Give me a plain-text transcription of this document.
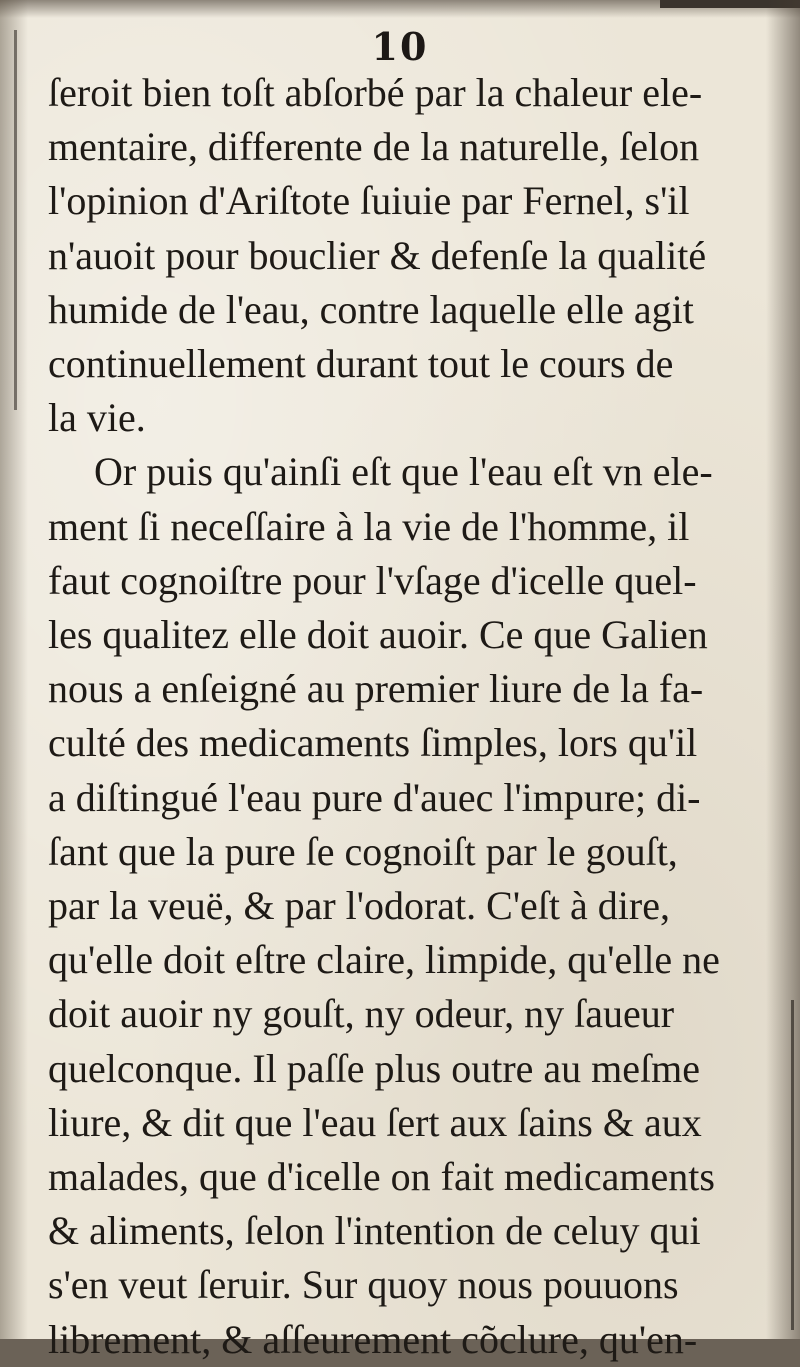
10
ſeroit bien toſt abſorbé par la chaleur ele-
mentaire, differente de la naturelle, ſelon
l'opinion d'Ariſtote ſuiuie par Fernel, s'il
n'auoit pour bouclier & defenſe la qualité
humide de l'eau, contre laquelle elle agit
continuellement durant tout le cours de
la vie.
Or puis qu'ainſi eſt que l'eau eſt vn ele-
ment ſi neceſſaire à la vie de l'homme, il
faut cognoiſtre pour l'vſage d'icelle quel-
les qualitez elle doit auoir. Ce que Galien
nous a enſeigné au premier liure de la fa-
culté des medicaments ſimples, lors qu'il
a diſtingué l'eau pure d'auec l'impure; di-
ſant que la pure ſe cognoiſt par le gouſt,
par la veuë, & par l'odorat. C'eſt à dire,
qu'elle doit eſtre claire, limpide, qu'elle ne
doit auoir ny gouſt, ny odeur, ny ſaueur
quelconque. Il paſſe plus outre au meſme
liure, & dit que l'eau ſert aux ſains & aux
malades, que d'icelle on fait medicaments
& aliments, ſelon l'intention de celuy qui
s'en veut ſeruir. Sur quoy nous pouuons
librement, & aſſeurement cõclure, qu'en-
